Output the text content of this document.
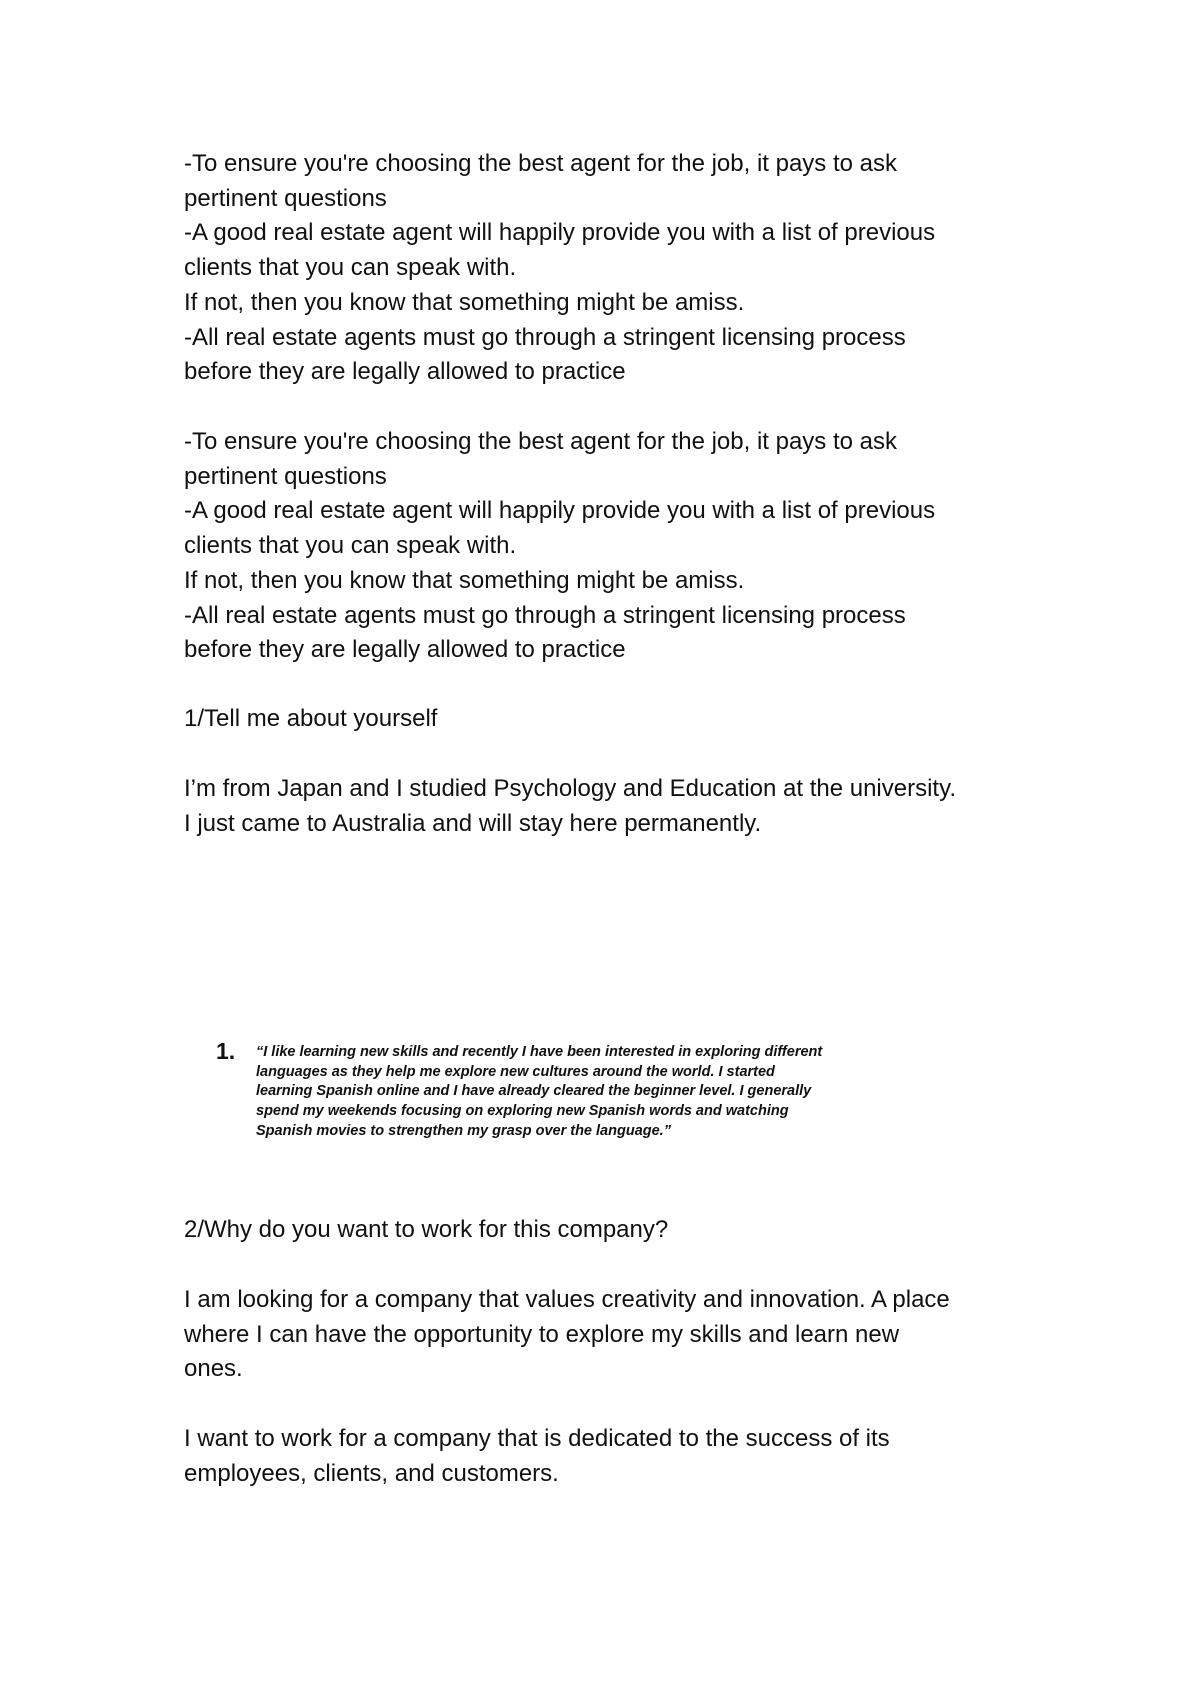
-To ensure you're choosing the best agent for the job, it pays to ask
pertinent questions
-A good real estate agent will happily provide you with a list of previous
clients that you can speak with.
If not, then you know that something might be amiss.
-All real estate agents must go through a stringent licensing process
before they are legally allowed to practice
-To ensure you're choosing the best agent for the job, it pays to ask
pertinent questions
-A good real estate agent will happily provide you with a list of previous
clients that you can speak with.
If not, then you know that something might be amiss.
-All real estate agents must go through a stringent licensing process
before they are legally allowed to practice
1/Tell me about yourself
I’m from Japan and I studied Psychology and Education at the university.
I just came to Australia and will stay here permanently.
1. “I like learning new skills and recently I have been interested in exploring different
languages as they help me explore new cultures around the world. I started
learning Spanish online and I have already cleared the beginner level. I generally
spend my weekends focusing on exploring new Spanish words and watching
Spanish movies to strengthen my grasp over the language.”
2/Why do you want to work for this company?
I am looking for a company that values creativity and innovation. A place
where I can have the opportunity to explore my skills and learn new
ones.
I want to work for a company that is dedicated to the success of its
employees, clients, and customers.
